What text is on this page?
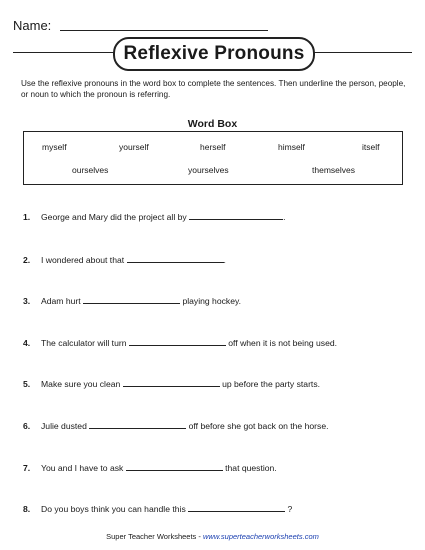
Name:
Reflexive Pronouns
Use the reflexive pronouns in the word box to complete the sentences. Then underline the person, people, or noun to which the pronoun is referring.
Word Box
myself	yourself	herself	himself	itself
ourselves	yourselves	themselves
1. George and Mary did the project all by	.
2. I wondered about that	.
3. Adam hurt	playing hockey.
4. The calculator will turn	off when it is not being used.
5. Make sure you clean	up before the party starts.
6. Julie dusted	off before she got back on the horse.
7. You and I have to ask	that question.
8. Do you boys think you can handle this	?
Super Teacher Worksheets - www.superteacherworksheets.com
